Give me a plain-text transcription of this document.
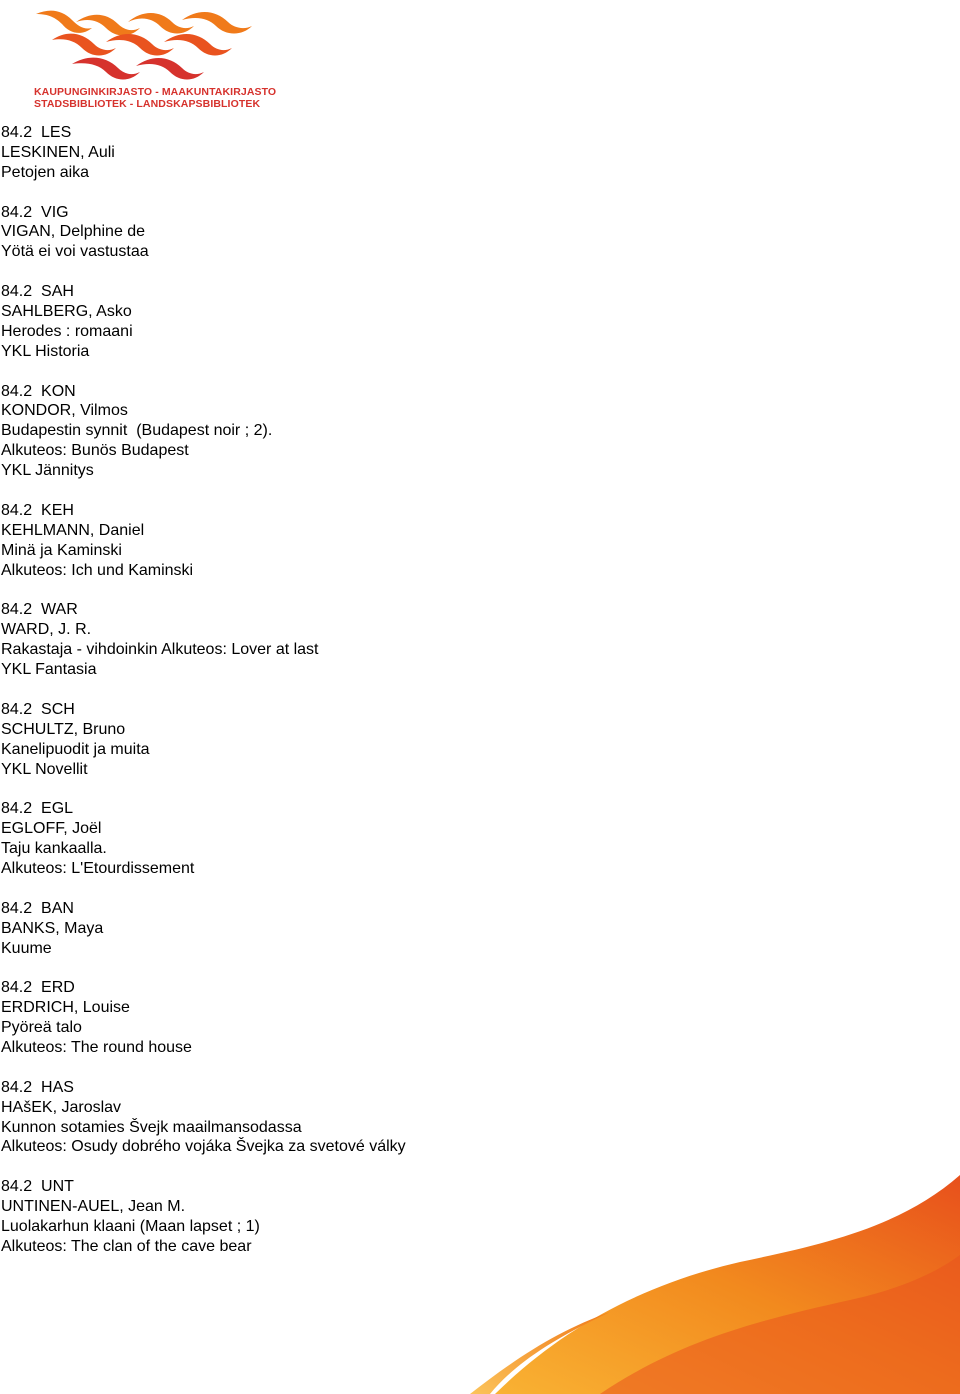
KAUPUNGINKIRJASTO - MAAKUNTAKIRJASTO
STADSBIBLIOTEK - LANDSKAPSBIBLIOTEK
84.2  LES
LESKINEN, Auli
Petojen aika
84.2  VIG
VIGAN, Delphine de
Yötä ei voi vastustaa
84.2  SAH
SAHLBERG, Asko
Herodes : romaani
YKL Historia
84.2  KON
KONDOR, Vilmos
Budapestin synnit  (Budapest noir ; 2).
Alkuteos: Bunös Budapest
YKL Jännitys
84.2  KEH
KEHLMANN, Daniel
Minä ja Kaminski
Alkuteos: Ich und Kaminski
84.2  WAR
WARD, J. R.
Rakastaja - vihdoinkin Alkuteos: Lover at last
YKL Fantasia
84.2  SCH
SCHULTZ, Bruno
Kanelipuodit ja muita
YKL Novellit
84.2  EGL
EGLOFF, Joël
Taju kankaalla.
Alkuteos: L'Etourdissement
84.2  BAN
BANKS, Maya
Kuume
84.2  ERD
ERDRICH, Louise
Pyöreä talo
Alkuteos: The round house
84.2  HAS
HAšEK, Jaroslav
Kunnon sotamies Švejk maailmansodassa
Alkuteos: Osudy dobrého vojáka Švejka za svetové války
84.2  UNT
UNTINEN-AUEL, Jean M.
Luolakarhun klaani (Maan lapset ; 1)
Alkuteos: The clan of the cave bear
